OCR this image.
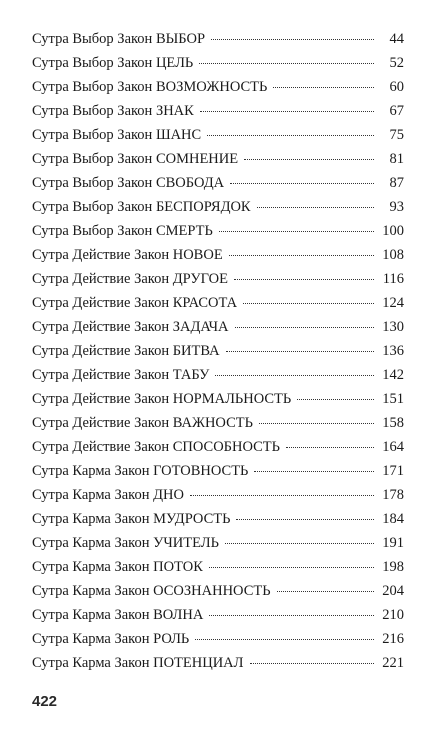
Сутра Выбор Закон ВЫБОР	44
Сутра Выбор Закон ЦЕЛЬ	52
Сутра Выбор Закон ВОЗМОЖНОСТЬ	60
Сутра Выбор Закон ЗНАК	67
Сутра Выбор Закон ШАНС	75
Сутра Выбор Закон СОМНЕНИЕ	81
Сутра Выбор Закон СВОБОДА	87
Сутра Выбор Закон БЕСПОРЯДОК	93
Сутра Выбор Закон СМЕРТЬ	100
Сутра Действие Закон НОВОЕ	108
Сутра Действие Закон ДРУГОЕ	116
Сутра Действие Закон КРАСОТА	124
Сутра Действие Закон ЗАДАЧА	130
Сутра Действие Закон БИТВА	136
Сутра Действие Закон ТАБУ	142
Сутра Действие Закон НОРМАЛЬНОСТЬ	151
Сутра Действие Закон ВАЖНОСТЬ	158
Сутра Действие Закон СПОСОБНОСТЬ	164
Сутра Карма Закон ГОТОВНОСТЬ	171
Сутра Карма Закон ДНО	178
Сутра Карма Закон МУДРОСТЬ	184
Сутра Карма Закон УЧИТЕЛЬ	191
Сутра Карма Закон ПОТОК	198
Сутра Карма Закон ОСОЗНАННОСТЬ	204
Сутра Карма Закон ВОЛНА	210
Сутра Карма Закон РОЛЬ	216
Сутра Карма Закон ПОТЕНЦИАЛ	221
422
